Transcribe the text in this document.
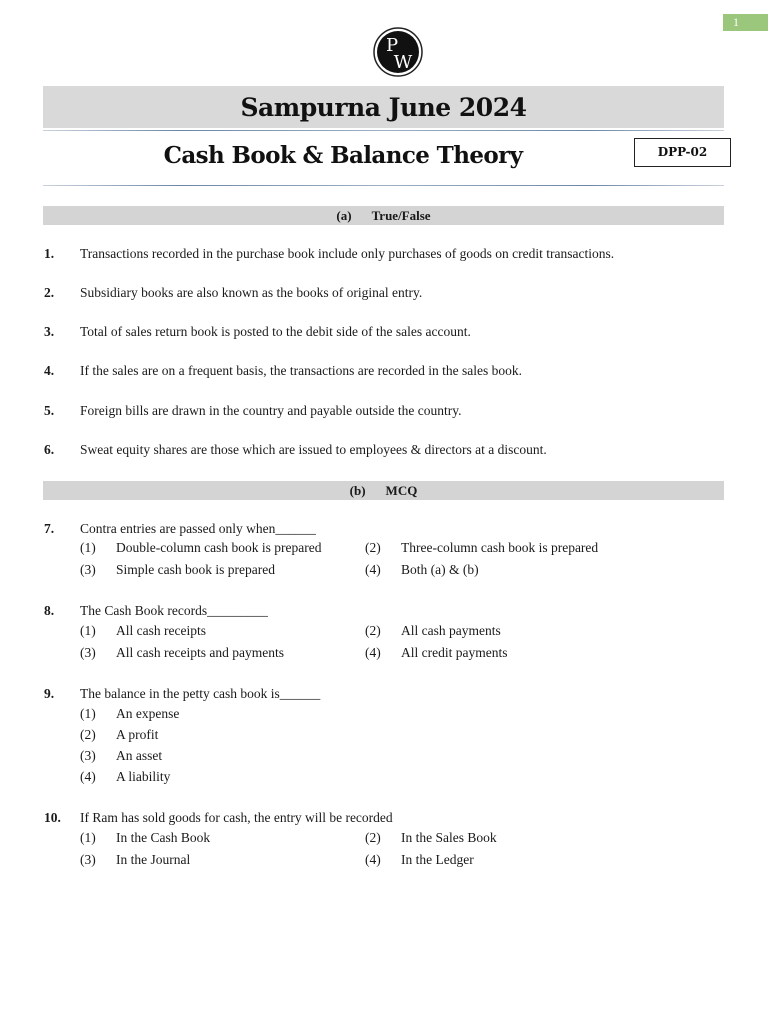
1
P
W
Sampurna June 2024
Cash Book & Balance Theory	DPP-02
(a) True/False
1. Transactions recorded in the purchase book include only purchases of goods on credit transactions.
2. Subsidiary books are also known as the books of original entry.
3. Total of sales return book is posted to the debit side of the sales account.
4. If the sales are on a frequent basis, the transactions are recorded in the sales book.
5. Foreign bills are drawn in the country and payable outside the country.
6. Sweat equity shares are those which are issued to employees & directors at a discount.
(b) MCQ
7. Contra entries are passed only when______
(1) Double-column cash book is prepared	(2) Three-column cash book is prepared
(3) Simple cash book is prepared	(4) Both (a) & (b)
8. The Cash Book records_________
(1) All cash receipts	(2) All cash payments
(3) All cash receipts and payments	(4) All credit payments
9. The balance in the petty cash book is______
(1) An expense
(2) A profit
(3) An asset
(4) A liability
10. If Ram has sold goods for cash, the entry will be recorded
(1) In the Cash Book	(2) In the Sales Book
(3) In the Journal	(4) In the Ledger
